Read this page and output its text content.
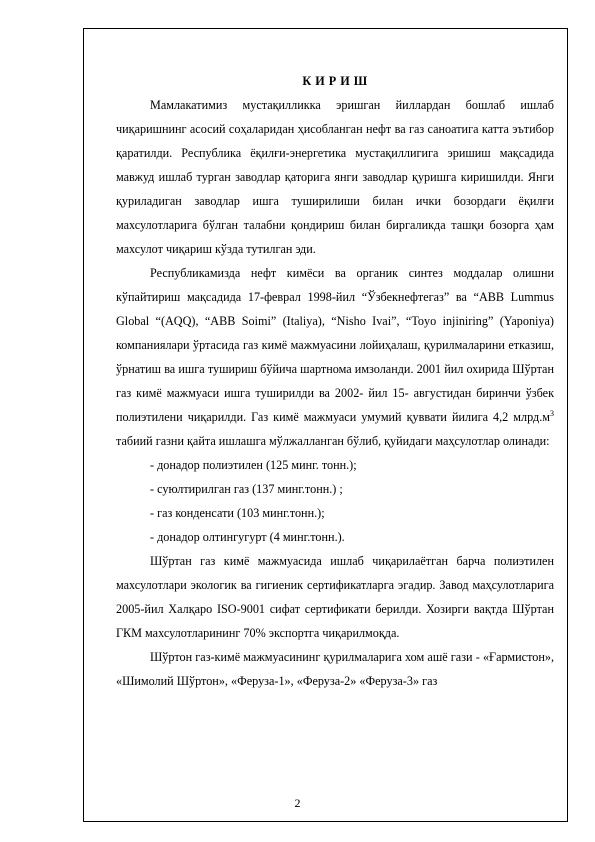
К И Р И Ш

Мамлакатимиз мустақилликка эришган йиллардан бошлаб ишлаб чиқаришнинг асосий соҳаларидан ҳисобланган нефт ва газ саноатига катта эътибор қаратилди. Республика ёқилғи-энергетика мустақиллигига эришиш мақсадида мавжуд ишлаб турган заводлар қаторига янги заводлар қуришга киришилди. Янги қуриладиган заводлар ишга туширилиши билан ички бозордаги ёқилғи махсулотларига бўлган талабни қондириш билан биргаликда ташқи бозорга ҳам махсулот чиқариш кўзда тутилган эди.

Республикамизда нефт кимёси ва органик синтез моддалар олишни кўпайтириш мақсадида 17-феврал 1998-йил “Ўзбекнефтегаз” ва “ABB Lummus Global “(AQQ), “ABB Soimi” (Italiya), “Nisho Ivai”, “Toyo injiniring” (Yaponiya) компаниялари ўртасида газ кимё мажмуасини лойиҳалаш, қурилмаларини етказиш, ўрнатиш ва ишга тушириш бўйича шартнома имзоланди. 2001 йил охирида Шўртан газ кимё мажмуаси ишга туширилди ва 2002- йил 15- августидан биринчи ўзбек полиэтилени чиқарилди. Газ кимё мажмуаси умумий қуввати йилига 4,2 $млрд.м^3$ табиий газни қайта ишлашга мўлжалланган бўлиб, қуйидаги маҳсулотлар олинади:

- донадор полиэтилен (125 минг. тонн.);

- суюлтирилган газ (137 минг.тонн.) ;

- газ конденсати (103 минг.тонн.);

- донадор олтингугурт (4 минг.тонн.).

Шўртан газ кимё мажмуасида ишлаб чиқарилаётган барча полиэтилен махсулотлари экологик ва гигиеник сертификатларга эгадир. Завод маҳсулотларига 2005-йил Халқаро ISO-9001 сифат сертификати берилди. Хозирги вақтда Шўртан ГКМ махсулотларининг 70% экспортга чиқарилмоқда.

Шўртон газ-кимё мажмуасининг қурилмаларига хом ашё гази - «Ғармистон», «Шимолий Шўртон», «Феруза-1», «Феруза-2» «Феруза-3» газ

2
